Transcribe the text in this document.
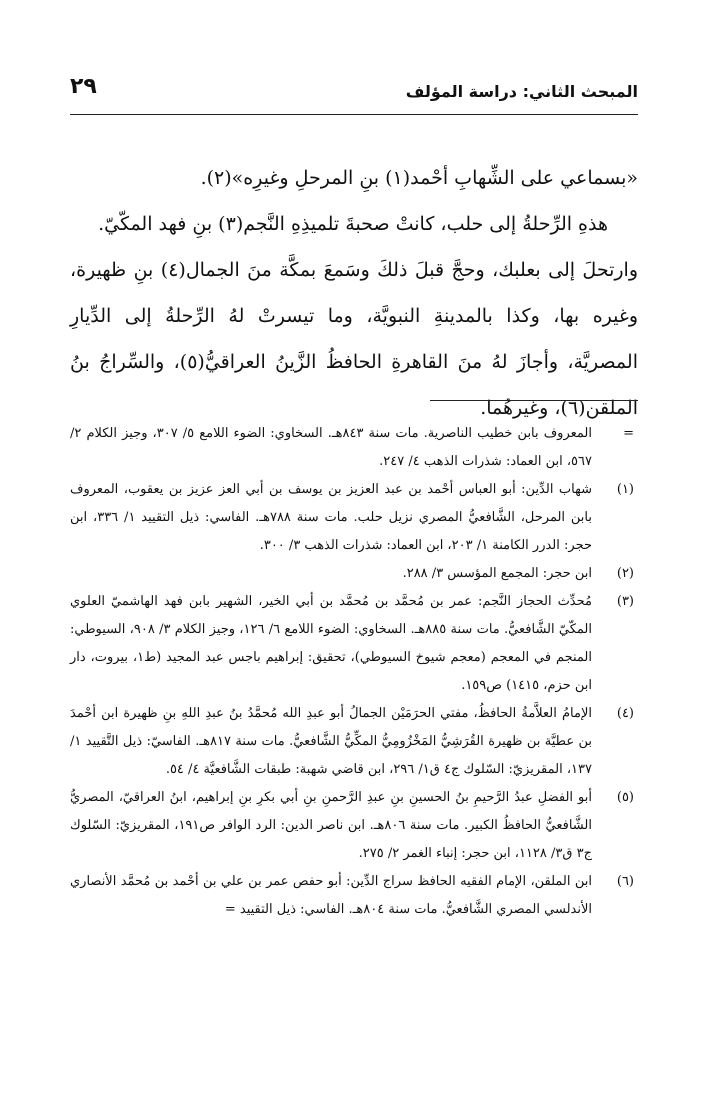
المبحث الثاني: دراسة المؤلف
٢٩

«بسماعي على الشِّهابِ أحْمد(١) بنِ المرحلِ وغيرِه»(٢).

هذهِ الرِّحلةُ إلى حلب، كانتْ صحبةَ تلميذِهِ النَّجم(٣) بنِ فهد المكّيّ.

وارتحلَ إلى بعلبك، وحجَّ قبلَ ذلكَ وسَمعَ بمكَّة منَ الجمال(٤) بنِ ظهيرة، وغيره بها، وكذا بالمدينةِ النبويَّة، وما تيسرتْ لهُ الرِّحلةُ إلى الدِّيارِ المصريَّة، وأجازَ لهُ منَ القاهرةِ الحافظُ الزَّينُ العراقيُّ(٥)، والسِّراجُ بنُ الملقن(٦)، وغيرهُما.

=
المعروف بابن خطيب الناصرية. مات سنة ٨٤٣هـ. السخاوي: الضوء اللامع ٥/ ٣٠٧، وجيز الكلام ٢/ ٥٦٧، ابن العماد: شذرات الذهب ٤/ ٢٤٧.
(١)
شهاب الدِّين: أبو العباس أحْمد بن عبد العزيز بن يوسف بن أبي العز عزيز بن يعقوب، المعروف بابن المرحل، الشَّافعيُّ المصري نزيل حلب. مات سنة ٧٨٨هـ. الفاسي: ذيل التقييد ١/ ٣٣٦، ابن حجر: الدرر الكامنة ١/ ٢٠٣، ابن العماد: شذرات الذهب ٣/ ٣٠٠.
(٢)
ابن حجر: المجمع المؤسس ٣/ ٢٨٨.
(٣)
مُحدِّث الحجاز النَّجم: عمر بن مُحمَّد بن مُحمَّد بن أبي الخير، الشهير بابن فهد الهاشميّ العلوي المكّيّ الشَّافعيُّ. مات سنة ٨٨٥هـ. السخاوي: الضوء اللامع ٦/ ١٢٦، وجيز الكلام ٣/ ٩٠٨، السيوطي: المنجم في المعجم (معجم شيوخ السيوطي)، تحقيق: إبراهيم باجس عبد المجيد (ط١، بيروت، دار ابن حزم، ١٤١٥) ص١٥٩.
(٤)
الإمامُ العلاَّمةُ الحافظُ، مفتي الحرَمَيْن الجمالُ أبو عبدِ الله مُحمَّدُ بنُ عبدِ اللهِ بنِ ظهيرة ابن أحْمدَ بن عطيَّة بن ظهيرة القُرَشِيُّ المَخْزُومِيُّ المكِّيُّ الشَّافعيُّ. مات سنة ٨١٧هـ. الفاسيّ: ذيل التَّقييد ١/ ١٣٧، المقريزيّ: السّلوك ج٤ ق١/ ٢٩٦، ابن قاضي شهبة: طبقات الشَّافعيَّة ٤/ ٥٤.
(٥)
أبو الفضلِ عبدُ الرَّحيمِ بنُ الحسينِ بنِ عبدِ الرَّحمنِ بنِ أبي بكرِ بنِ إبراهيم، ابنُ العراقيّ، المصريُّ الشَّافعيُّ الحافظُ الكبير. مات سنة ٨٠٦هـ. ابن ناصر الدين: الرد الوافر ص١٩١، المقريزيّ: السّلوك ج٣ ق٣/ ١١٢٨، ابن حجر: إنباء الغمر ٢/ ٢٧٥.
(٦)
ابن الملقن، الإمام الفقيه الحافظ سراج الدِّين: أبو حفص عمر بن علي بن أحْمد بن مُحمَّد الأنصاري الأندلسي المصري الشَّافعيُّ. مات سنة ٨٠٤هـ. الفاسي: ذيل التقييد =
